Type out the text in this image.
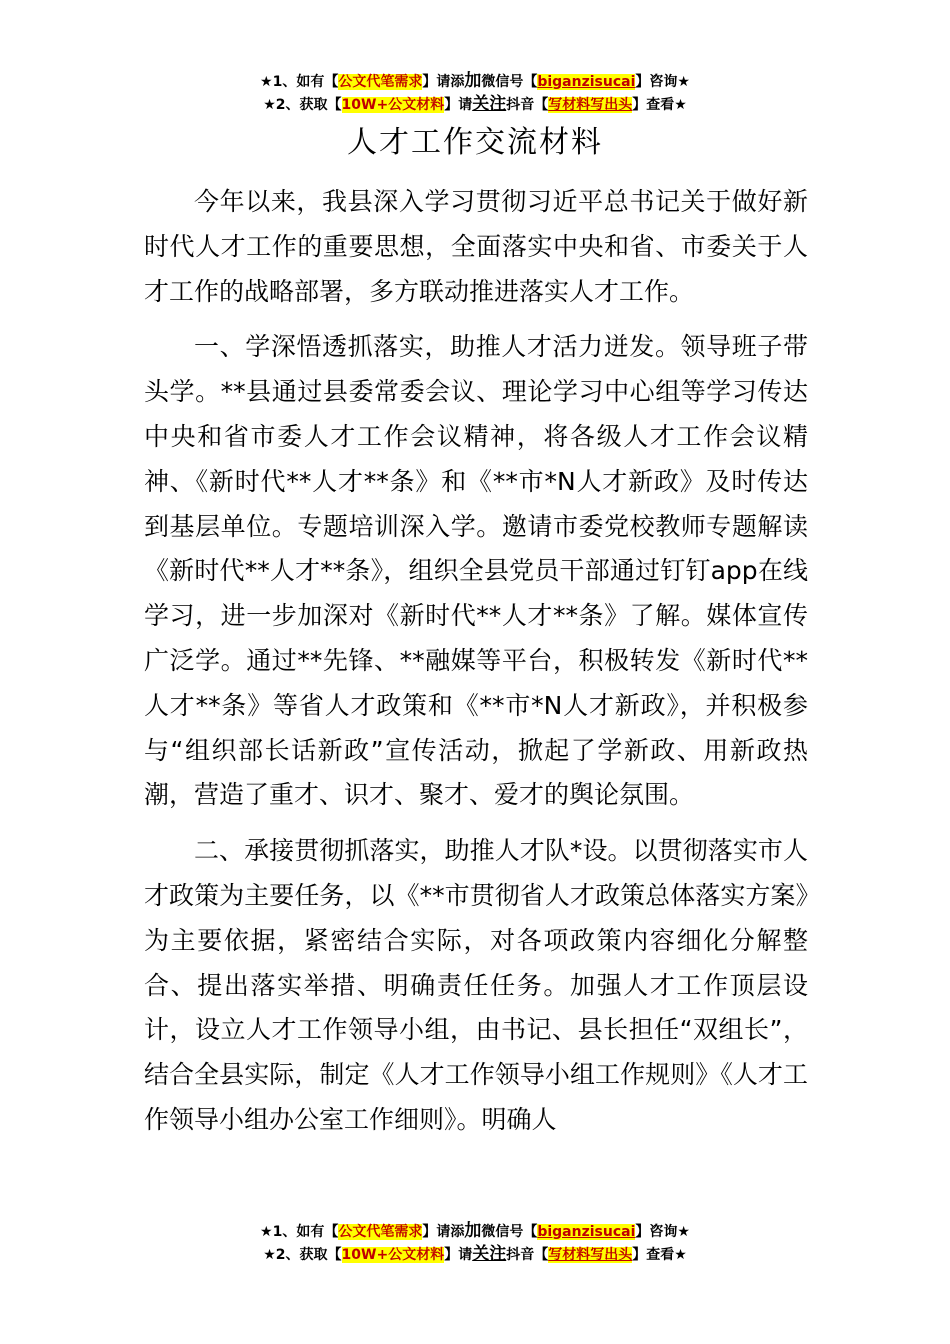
★1、如有【公文代笔需求】请添加微信号【biganzisucai】咨询★
★2、获取【10W+公文材料】请关注抖音【写材料写出头】查看★
人才工作交流材料

今年以来，我县深入学习贯彻习近平总书记关于做好新时代人才工作的重要思想，全面落实中央和省、市委关于人才工作的战略部署，多方联动推进落实人才工作。

一、学深悟透抓落实，助推人才活力迸发。领导班子带头学。**县通过县委常委会议、理论学习中心组等学习传达中央和省市委人才工作会议精神，将各级人才工作会议精神、《新时代**人才**条》和《**市*N人才新政》及时传达到基层单位。专题培训深入学。邀请市委党校教师专题解读《新时代**人才**条》，组织全县党员干部通过钉钉app在线学习，进一步加深对《新时代**人才**条》了解。媒体宣传广泛学。通过**先锋、**融媒等平台，积极转发《新时代**人才**条》等省人才政策和《**市*N人才新政》，并积极参与“组织部长话新政”宣传活动，掀起了学新政、用新政热潮，营造了重才、识才、聚才、爱才的舆论氛围。

二、承接贯彻抓落实，助推人才队*设。以贯彻落实市人才政策为主要任务，以《**市贯彻省人才政策总体落实方案》为主要依据，紧密结合实际，对各项政策内容细化分解整合、提出落实举措、明确责任任务。加强人才工作顶层设计，设立人才工作领导小组，由书记、县长担任“双组长”，结合全县实际，制定《人才工作领导小组工作规则》《人才工作领导小组办公室工作细则》。明确人

★1、如有【公文代笔需求】请添加微信号【biganzisucai】咨询★
★2、获取【10W+公文材料】请关注抖音【写材料写出头】查看★
